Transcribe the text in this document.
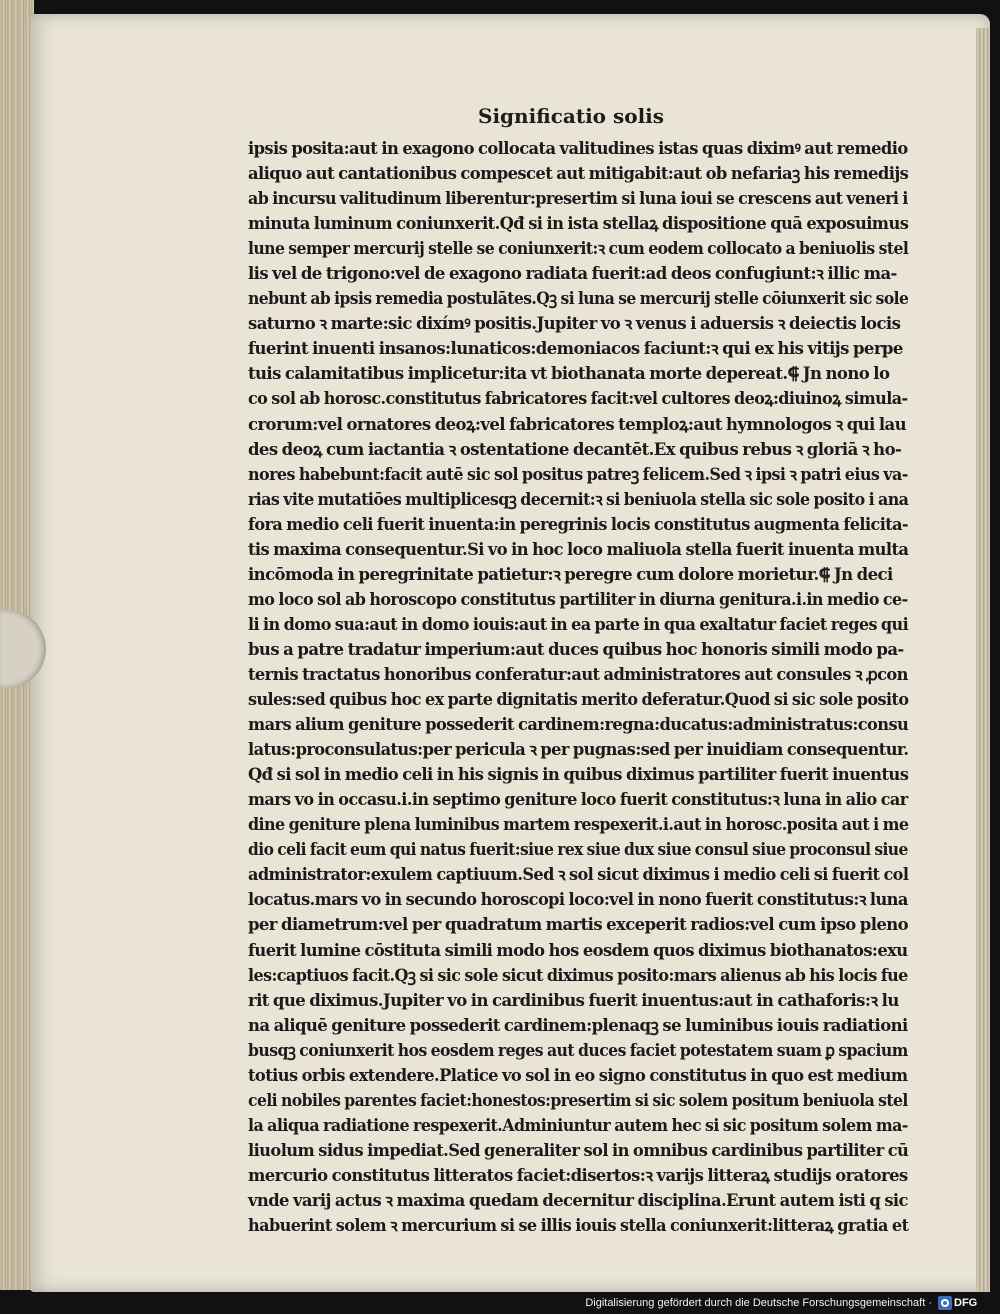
Significatio solis
ipsis posita:aut in exagono collocata valitudines istas quas diximꝰ aut remedio
aliquo aut cantationibus compescet aut mitigabit:aut ob nefariaꝫ his remedijs
ab incursu valitudinum liberentur:presertim si luna ioui se crescens aut veneri i
minuta luminum coniunxerit.Qđ si in ista stellaꝝ dispositione quā exposuimus
lune semper mercurij stelle se coniunxerit:ꝛ cum eodem collocato a beniuolis stel
lis vel de trigono:vel de exagono radiata fuerit:ad deos confugiunt:ꝛ illic ma-
nebunt ab ipsis remedia postulātes.Qꝫ si luna se mercurij stelle cōiunxerit sic sole
saturno ꝛ marte:sic dixímꝰ positis.Jupiter vo ꝛ venus i aduersis ꝛ deiectis locis
fuerint inuenti insanos:lunaticos:demoniacos faciunt:ꝛ qui ex his vitijs perpe
tuis calamitatibus implicetur:ita vt biothanata morte depereat.⸿ Jn nono lo
co sol ab horosc.constitutus fabricatores facit:vel cultores deoꝝ:diuinoꝝ simula-
crorum:vel ornatores deoꝝ:vel fabricatores temploꝝ:aut hymnologos ꝛ qui lau
des deoꝝ cum iactantia ꝛ ostentatione decantēt.Ex quibus rebus ꝛ gloriā ꝛ ho-
nores habebunt:facit autē sic sol positus patreꝫ felicem.Sed ꝛ ipsi ꝛ patri eius va-
rias vite mutatiōes multiplicesqꝫ decernit:ꝛ si beniuola stella sic sole posito i ana
fora medio celi fuerit inuenta:in peregrinis locis constitutus augmenta felicita-
tis maxima consequentur.Si vo in hoc loco maliuola stella fuerit inuenta multa
incōmoda in peregrinitate patietur:ꝛ peregre cum dolore morietur.⸿ Jn deci
mo loco sol ab horoscopo constitutus partiliter in diurna genitura.i.in medio ce-
li in domo sua:aut in domo iouis:aut in ea parte in qua exaltatur faciet reges qui
bus a patre tradatur imperium:aut duces quibus hoc honoris simili modo pa-
ternis tractatus honoribus conferatur:aut administratores aut consules ꝛ ꝓcon
sules:sed quibus hoc ex parte dignitatis merito deferatur.Quod si sic sole posito
mars alium geniture possederit cardinem:regna:ducatus:administratus:consu
latus:proconsulatus:per pericula ꝛ per pugnas:sed per inuidiam consequentur.
Qđ si sol in medio celi in his signis in quibus diximus partiliter fuerit inuentus
mars vo in occasu.i.in septimo geniture loco fuerit constitutus:ꝛ luna in alio car
dine geniture plena luminibus martem respexerit.i.aut in horosc.posita aut i me
dio celi facit eum qui natus fuerit:siue rex siue dux siue consul siue proconsul siue
administrator:exulem captiuum.Sed ꝛ sol sicut diximus i medio celi si fuerit col
locatus.mars vo in secundo horoscopi loco:vel in nono fuerit constitutus:ꝛ luna
per diametrum:vel per quadratum martis exceperit radios:vel cum ipso pleno
fuerit lumine cōstituta simili modo hos eosdem quos diximus biothanatos:exu
les:captiuos facit.Qꝫ si sic sole sicut diximus posito:mars alienus ab his locis fue
rit que diximus.Jupiter vo in cardinibus fuerit inuentus:aut in cathaforis:ꝛ lu
na aliquē geniture possederit cardinem:plenaqꝫ se luminibus iouis radiationi
busqꝫ coniunxerit hos eosdem reges aut duces faciet potestatem suam ꝑ spacium
totius orbis extendere.Platice vo sol in eo signo constitutus in quo est medium
celi nobiles parentes faciet:honestos:presertim si sic solem positum beniuola stel
la aliqua radiatione respexerit.Adminiuntur autem hec si sic positum solem ma-
liuolum sidus impediat.Sed generaliter sol in omnibus cardinibus partiliter cū
mercurio constitutus litteratos faciet:disertos:ꝛ varijs litteraꝝ studijs oratores
vnde varij actus ꝛ maxima quedam decernitur disciplina.Erunt autem isti q sic
habuerint solem ꝛ mercurium si se illis iouis stella coniunxerit:litteraꝝ gratia et
Digitalisierung gefördert durch die Deutsche Forschungsgemeinschaft · DFG
